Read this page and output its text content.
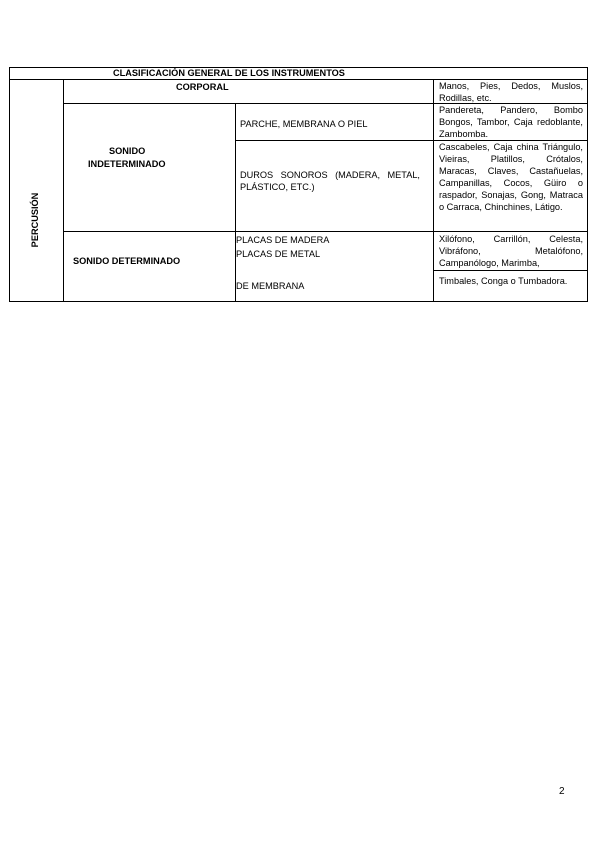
CLASIFICACIÓN GENERAL DE LOS INSTRUMENTOS
PERCUSIÓN
CORPORAL	Manos, Pies, Dedos, Muslos, Rodillas, etc.
SONIDO
INDETERMINADO
PARCHE, MEMBRANA O PIEL
Pandereta, Pandero, Bombo Bongos, Tambor, Caja redoblante, Zambomba.
DUROS SONOROS (MADERA, METAL, PLÁSTICO, ETC.)
Cascabeles, Caja china Triángulo, Vieiras, Platillos, Crótalos, Maracas, Claves, Castañuelas, Campanillas, Cocos, Güiro o raspador, Sonajas, Gong, Matraca o Carraca, Chinchines, Látigo.
SONIDO DETERMINADO
PLACAS DE MADERA
PLACAS DE METAL
Xilófono, Carrillón, Celesta, Vibráfono, Metalófono, Campanólogo, Marimba,
DE MEMBRANA	Timbales, Conga o Tumbadora.
2
